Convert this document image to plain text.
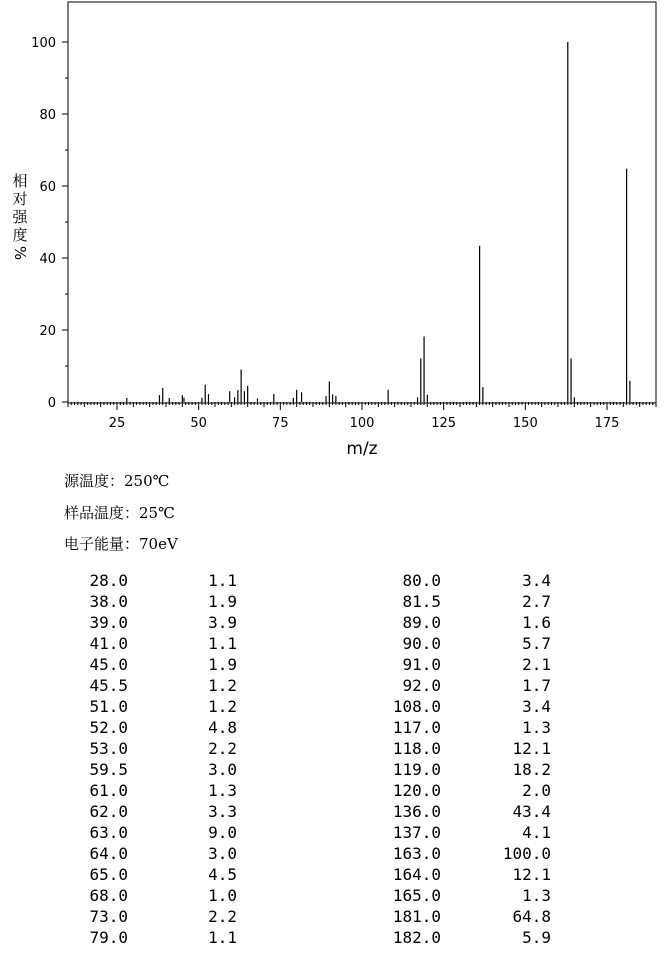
0
20
40
60
80
100
25	50	75	100	125	150	175
m/z
相
对
强
度
%
源温度：250℃
样品温度：25℃
电子能量：70eV
28.0	1.1	80.0	3.4
38.0	1.9	81.5	2.7
39.0	3.9	89.0	1.6
41.0	1.1	90.0	5.7
45.0	1.9	91.0	2.1
45.5	1.2	92.0	1.7
51.0	1.2	108.0	3.4
52.0	4.8	117.0	1.3
53.0	2.2	118.0	12.1
59.5	3.0	119.0	18.2
61.0	1.3	120.0	2.0
62.0	3.3	136.0	43.4
63.0	9.0	137.0	4.1
64.0	3.0	163.0	100.0
65.0	4.5	164.0	12.1
68.0	1.0	165.0	1.3
73.0	2.2	181.0	64.8
79.0	1.1	182.0	5.9
